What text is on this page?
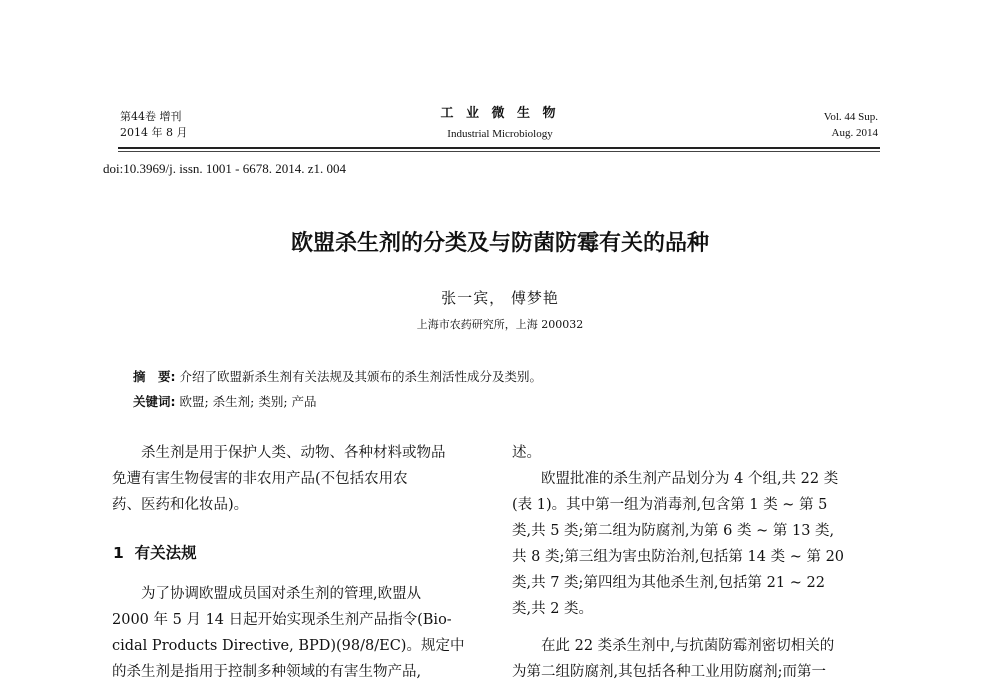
第44卷 增刊
2014 年 8 月
工 业 微 生 物
Industrial Microbiology
Vol. 44 Sup.
Aug. 2014
doi:10.3969/j. issn. 1001 - 6678. 2014. z1. 004
欧盟杀生剂的分类及与防菌防霉有关的品种
张一宾， 傅梦艳
上海市农药研究所，上海 200032
摘　要: 介绍了欧盟新杀生剂有关法规及其颁布的杀生剂活性成分及类别。
关键词: 欧盟; 杀生剂; 类别; 产品
　　杀生剂是用于保护人类、动物、各种材料或物品
免遭有害生物侵害的非农用产品(不包括农用农
药、医药和化妆品)。
1 有关法规
　　为了协调欧盟成员国对杀生剂的管理,欧盟从
2000 年 5 月 14 日起开始实现杀生剂产品指令(Bio-
cidal Products Directive, BPD)(98/8/EC)。规定中
的杀生剂是指用于控制多种领域的有害生物产品,
述。
　　欧盟批准的杀生剂产品划分为 4 个组,共 22 类
(表 1)。其中第一组为消毒剂,包含第 1 类 ~ 第 5
类,共 5 类;第二组为防腐剂,为第 6 类 ~ 第 13 类,
共 8 类;第三组为害虫防治剂,包括第 14 类 ~ 第 20
类,共 7 类;第四组为其他杀生剂,包括第 21 ~ 22
类,共 2 类。
　　在此 22 类杀生剂中,与抗菌防霉剂密切相关的
为第二组防腐剂,其包括各种工业用防腐剂;而第一
